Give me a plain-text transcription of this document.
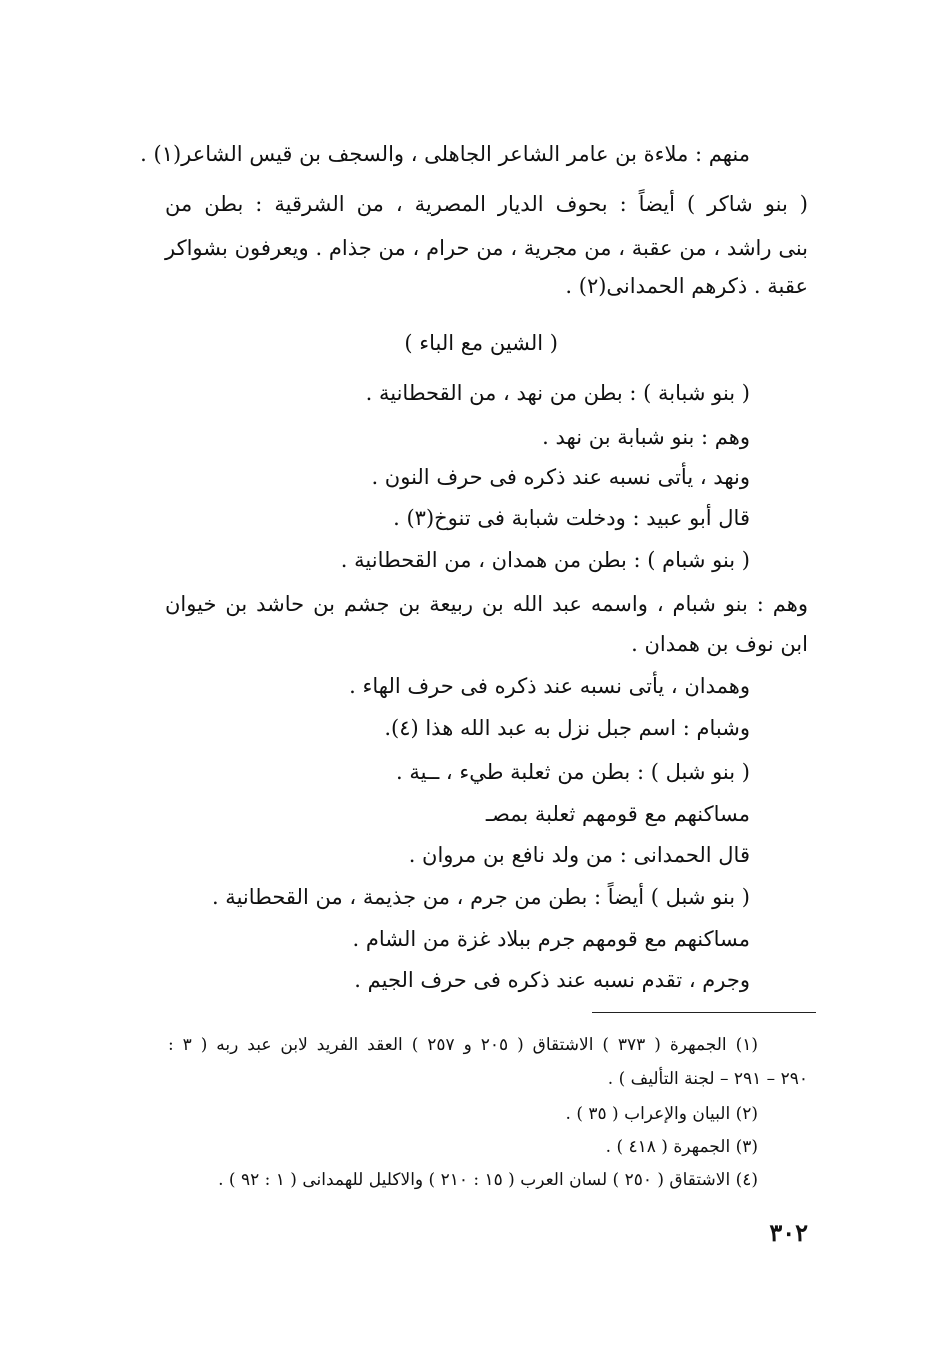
منهم : ملاءة بن عامر الشاعر الجاهلى ، والسجف بن قيس الشاعر(١) .
( بنو شاكر ) أيضاً : بحوف الديار المصرية ، من الشرقية : بطن من
بنى راشد ، من عقبة ، من مجرية ، من حرام ، من جذام . ويعرفون بشواكر
عقبة . ذكرهم الحمدانى(٢) .
( الشين مع الباء )
( بنو شبابة ) : بطن من نهد ، من القحطانية .
وهم : بنو شبابة بن نهد .
ونهد ، يأتى نسبه عند ذكره فى حرف النون .
قال أبو عبيد : ودخلت شبابة فى تنوخ(٣) .
( بنو شبام ) : بطن من همدان ، من القحطانية .
وهم : بنو شبام ، واسمه عبد الله بن ربيعة بن جشم بن حاشد بن خيوان
ابن نوف بن همدان .
وهمدان ، يأتى نسبه عند ذكره فى حرف الهاء .
وشبام : اسم جبل نزل به عبد الله هذا (٤).
( بنو شبل ) : بطن من ثعلبة طيء ، ــية .
مساكنهم مع قومهم ثعلبة بمصـ
قال الحمدانى : من ولد نافع بن مروان .
( بنو شبل ) أيضاً : بطن من جرم ، من جذيمة ، من القحطانية .
مساكنهم مع قومهم جرم ببلاد غزة من الشام .
وجرم ، تقدم نسبه عند ذكره فى حرف الجيم .
(١) الجمهرة ( ٣٧٣ ) الاشتقاق ( ٢٠٥ و ٢٥٧ ) العقد الفريد لابن عبد ربه ( ٣ :
٢٩٠ – ٢٩١ – لجنة التأليف ) .
(٢) البيان والإعراب ( ٣٥ ) .
(٣) الجمهرة ( ٤١٨ ) .
(٤) الاشتقاق ( ٢٥٠ ) لسان العرب ( ١٥ : ٢١٠ ) والاكليل للهمدانى ( ١ : ٩٢ ) .
٣٠٢
